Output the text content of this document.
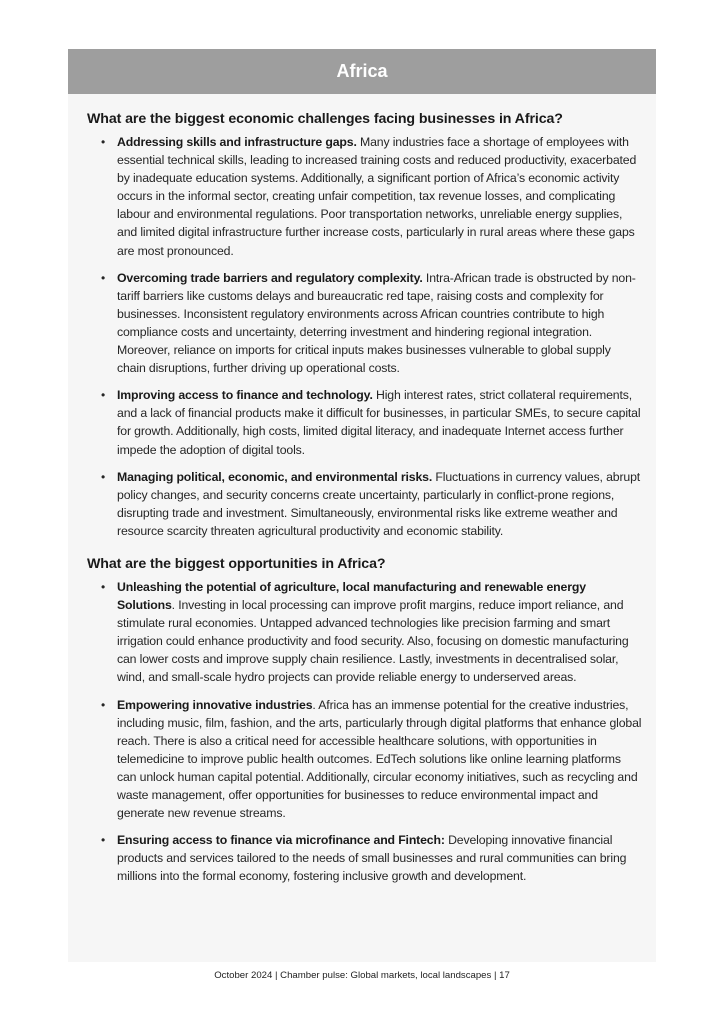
Africa
What are the biggest economic challenges facing businesses in Africa?
• Addressing skills and infrastructure gaps. Many industries face a shortage of employees with essential technical skills, leading to increased training costs and reduced productivity, exacerbated by inadequate education systems. Additionally, a significant portion of Africa’s economic activity occurs in the informal sector, creating unfair competition, tax revenue losses, and complicating labour and environmental regulations. Poor transportation networks, unreliable energy supplies, and limited digital infrastructure further increase costs, particularly in rural areas where these gaps are most pronounced.
• Overcoming trade barriers and regulatory complexity. Intra-African trade is obstructed by non-tariff barriers like customs delays and bureaucratic red tape, raising costs and complexity for businesses. Inconsistent regulatory environments across African countries contribute to high compliance costs and uncertainty, deterring investment and hindering regional integration. Moreover, reliance on imports for critical inputs makes businesses vulnerable to global supply chain disruptions, further driving up operational costs.
• Improving access to finance and technology. High interest rates, strict collateral requirements, and a lack of financial products make it difficult for businesses, in particular SMEs, to secure capital for growth. Additionally, high costs, limited digital literacy, and inadequate Internet access further impede the adoption of digital tools.
• Managing political, economic, and environmental risks. Fluctuations in currency values, abrupt policy changes, and security concerns create uncertainty, particularly in conflict-prone regions, disrupting trade and investment. Simultaneously, environmental risks like extreme weather and resource scarcity threaten agricultural productivity and economic stability.
What are the biggest opportunities in Africa?
• Unleashing the potential of agriculture, local manufacturing and renewable energy Solutions. Investing in local processing can improve profit margins, reduce import reliance, and stimulate rural economies. Untapped advanced technologies like precision farming and smart irrigation could enhance productivity and food security. Also, focusing on domestic manufacturing can lower costs and improve supply chain resilience. Lastly, investments in decentralised solar, wind, and small-scale hydro projects can provide reliable energy to underserved areas.
• Empowering innovative industries. Africa has an immense potential for the creative industries, including music, film, fashion, and the arts, particularly through digital platforms that enhance global reach. There is also a critical need for accessible healthcare solutions, with opportunities in telemedicine to improve public health outcomes. EdTech solutions like online learning platforms can unlock human capital potential. Additionally, circular economy initiatives, such as recycling and waste management, offer opportunities for businesses to reduce environmental impact and generate new revenue streams.
• Ensuring access to finance via microfinance and Fintech: Developing innovative financial products and services tailored to the needs of small businesses and rural communities can bring millions into the formal economy, fostering inclusive growth and development.
October 2024 | Chamber pulse: Global markets, local landscapes | 17
